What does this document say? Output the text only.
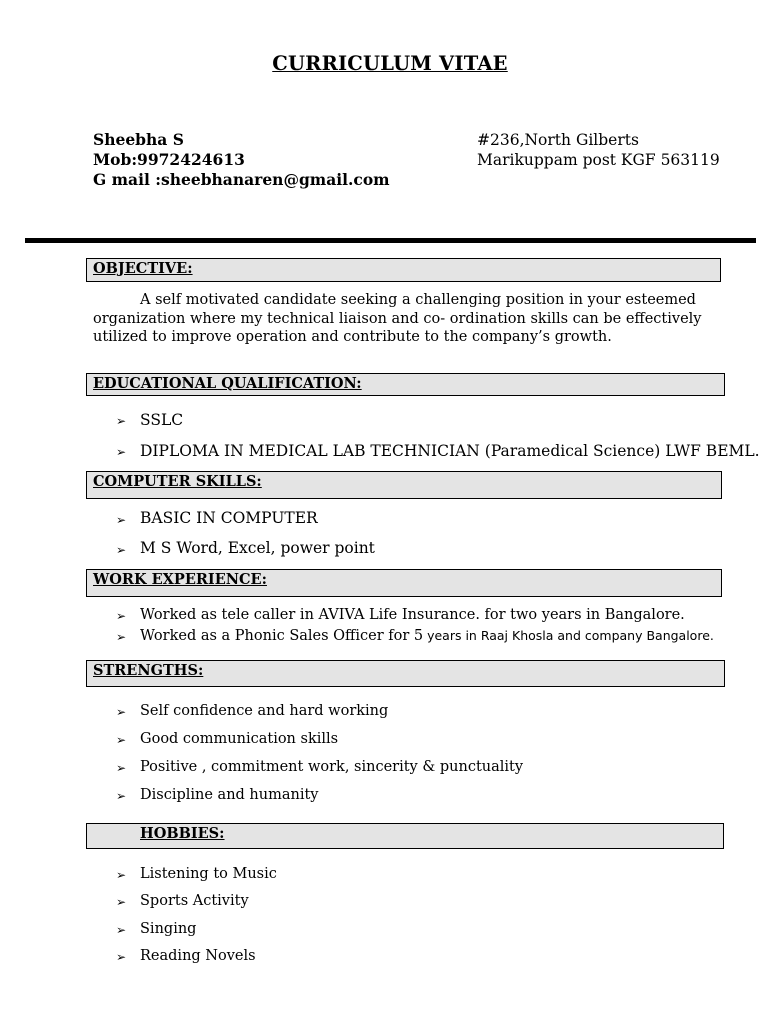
CURRICULUM VITAE
Sheebha S
Mob:9972424613
G mail :sheebhanaren@gmail.com
#236,North Gilberts
Marikuppam post KGF 563119
OBJECTIVE:
A self motivated candidate seeking a challenging position in your esteemed
organization where my technical liaison and co- ordination skills can be effectively
utilized to improve operation and contribute to the company’s growth.
EDUCATIONAL QUALIFICATION:
➢ SSLC
➢ DIPLOMA IN MEDICAL LAB TECHNICIAN (Paramedical Science) LWF BEML.
COMPUTER SKILLS:
➢ BASIC IN COMPUTER
➢ M S Word, Excel, power point
WORK EXPERIENCE:
➢ Worked as tele caller in AVIVA Life Insurance. for two years in Bangalore.
➢ Worked as a Phonic Sales Officer for 5 years in Raaj Khosla and company Bangalore.
STRENGTHS:
➢ Self confidence and hard working
➢ Good communication skills
➢ Positive , commitment work, sincerity & punctuality
➢ Discipline and humanity
HOBBIES:
➢ Listening to Music
➢ Sports Activity
➢ Singing
➢ Reading Novels
